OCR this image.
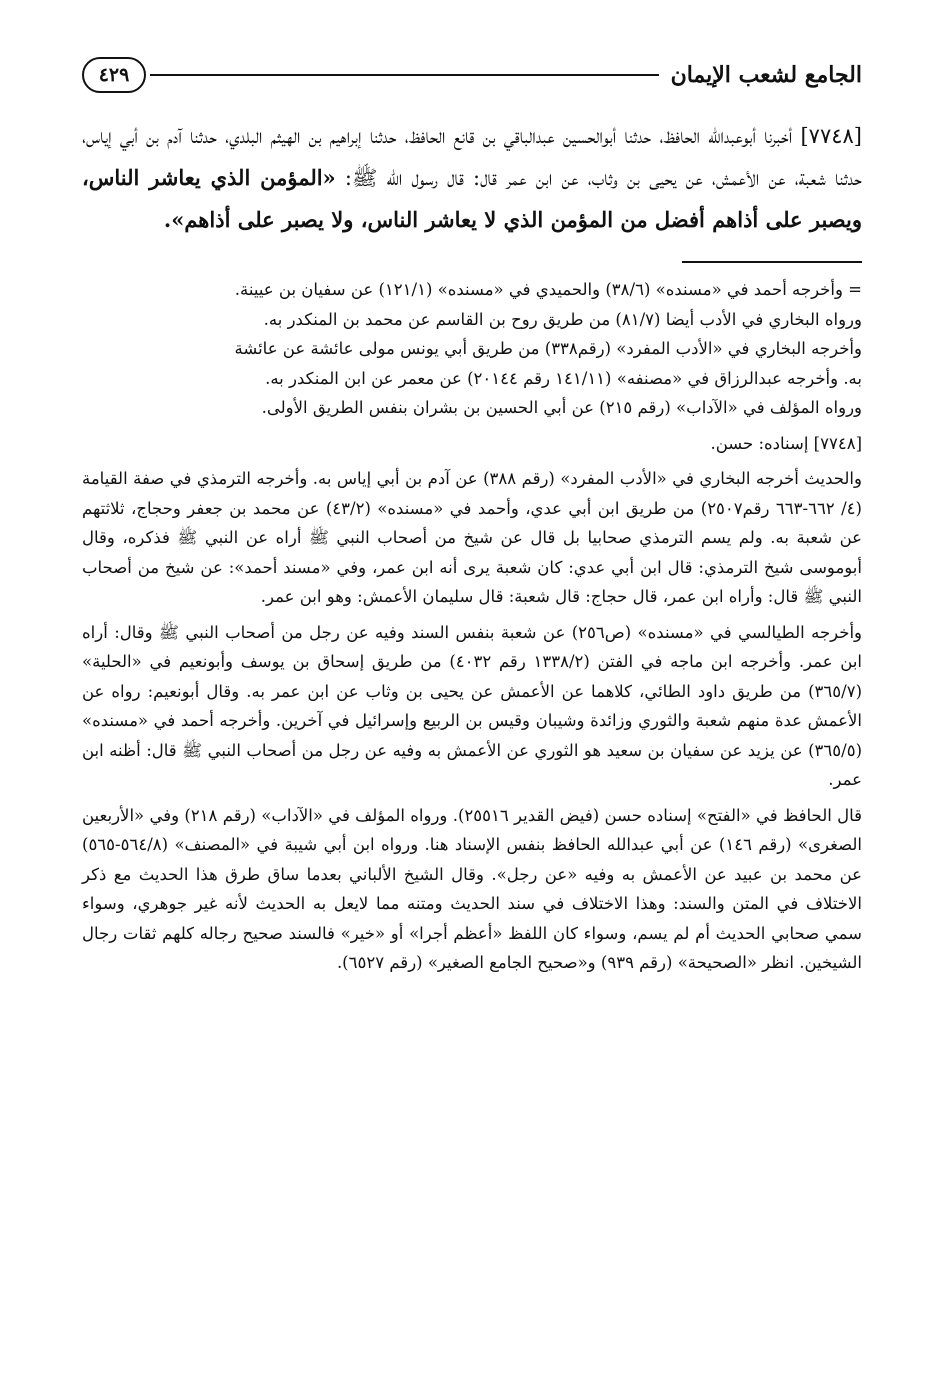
الجامع لشعب الإيمان
٤٢٩
[٧٧٤٨] أخبرنا أبوعبدالله الحافظ، حدثنا أبوالحسين عبدالباقي بن قانع الحافظ، حدثنا إبراهيم بن الهيثم البلدي، حدثنا آدم بن أبي إياس، حدثنا شعبة، عن الأعمش، عن يحيى بن وثاب، عن ابن عمر قال: قال رسول الله ﷺ: «المؤمن الذي يعاشر الناس، ويصبر على أذاهم أفضل من المؤمن الذي لا يعاشر الناس، ولا يصبر على أذاهم».
= وأخرجه أحمد في «مسنده» (٣٨/٦) والحميدي في «مسنده» (١٢١/١) عن سفيان بن عيينة.
ورواه البخاري في الأدب أيضا (٨١/٧) من طريق روح بن القاسم عن محمد بن المنكدر به.
وأخرجه البخاري في «الأدب المفرد» (رقم٣٣٨) من طريق أبي يونس مولى عائشة عن عائشة
به. وأخرجه عبدالرزاق في «مصنفه» (١٤١/١١ رقم ٢٠١٤٤) عن معمر عن ابن المنكدر به.
ورواه المؤلف في «الآداب» (رقم ٢١٥) عن أبي الحسين بن بشران بنفس الطريق الأولى.
[٧٧٤٨] إسناده: حسن.
والحديث أخرجه البخاري في «الأدب المفرد» (رقم ٣٨٨) عن آدم بن أبي إياس به. وأخرجه الترمذي في صفة القيامة (٤/ ٦٦٢-٦٦٣ رقم٢٥٠٧) من طريق ابن أبي عدي، وأحمد في «مسنده» (٤٣/٢) عن محمد بن جعفر وحجاج، ثلاثتهم عن شعبة به. ولم يسم الترمذي صحابيا بل قال عن شيخ من أصحاب النبي ﷺ أراه عن النبي ﷺ فذكره، وقال أبوموسى شيخ الترمذي: قال ابن أبي عدي: كان شعبة يرى أنه ابن عمر، وفي «مسند أحمد»: عن شيخ من أصحاب النبي ﷺ قال: وأراه ابن عمر، قال حجاج: قال شعبة: قال سليمان الأعمش: وهو ابن عمر.
وأخرجه الطيالسي في «مسنده» (ص٢٥٦) عن شعبة بنفس السند وفيه عن رجل من أصحاب النبي ﷺ وقال: أراه ابن عمر. وأخرجه ابن ماجه في الفتن (١٣٣٨/٢ رقم ٤٠٣٢) من طريق إسحاق بن يوسف وأبونعيم في «الحلية» (٣٦٥/٧) من طريق داود الطائي، كلاهما عن الأعمش عن يحيى بن وثاب عن ابن عمر به. وقال أبونعيم: رواه عن الأعمش عدة منهم شعبة والثوري وزائدة وشيبان وقيس بن الربيع وإسرائيل في آخرين. وأخرجه أحمد في «مسنده» (٣٦٥/٥) عن يزيد عن سفيان بن سعيد هو الثوري عن الأعمش به وفيه عن رجل من أصحاب النبي ﷺ قال: أظنه ابن عمر.
قال الحافظ في «الفتح» إسناده حسن (فيض القدير ٢٥٥١٦). ورواه المؤلف في «الآداب» (رقم ٢١٨) وفي «الأربعين الصغرى» (رقم ١٤٦) عن أبي عبدالله الحافظ بنفس الإسناد هنا. ورواه ابن أبي شيبة في «المصنف» (٥٦٤/٨-٥٦٥) عن محمد بن عبيد عن الأعمش به وفيه «عن رجل». وقال الشيخ الألباني بعدما ساق طرق هذا الحديث مع ذكر الاختلاف في المتن والسند: وهذا الاختلاف في سند الحديث ومتنه مما لايعل به الحديث لأنه غير جوهري، وسواء سمي صحابي الحديث أم لم يسم، وسواء كان اللفظ «أعظم أجرا» أو «خير» فالسند صحيح رجاله كلهم ثقات رجال الشيخين. انظر «الصحيحة» (رقم ٩٣٩) و«صحيح الجامع الصغير» (رقم ٦٥٢٧).
